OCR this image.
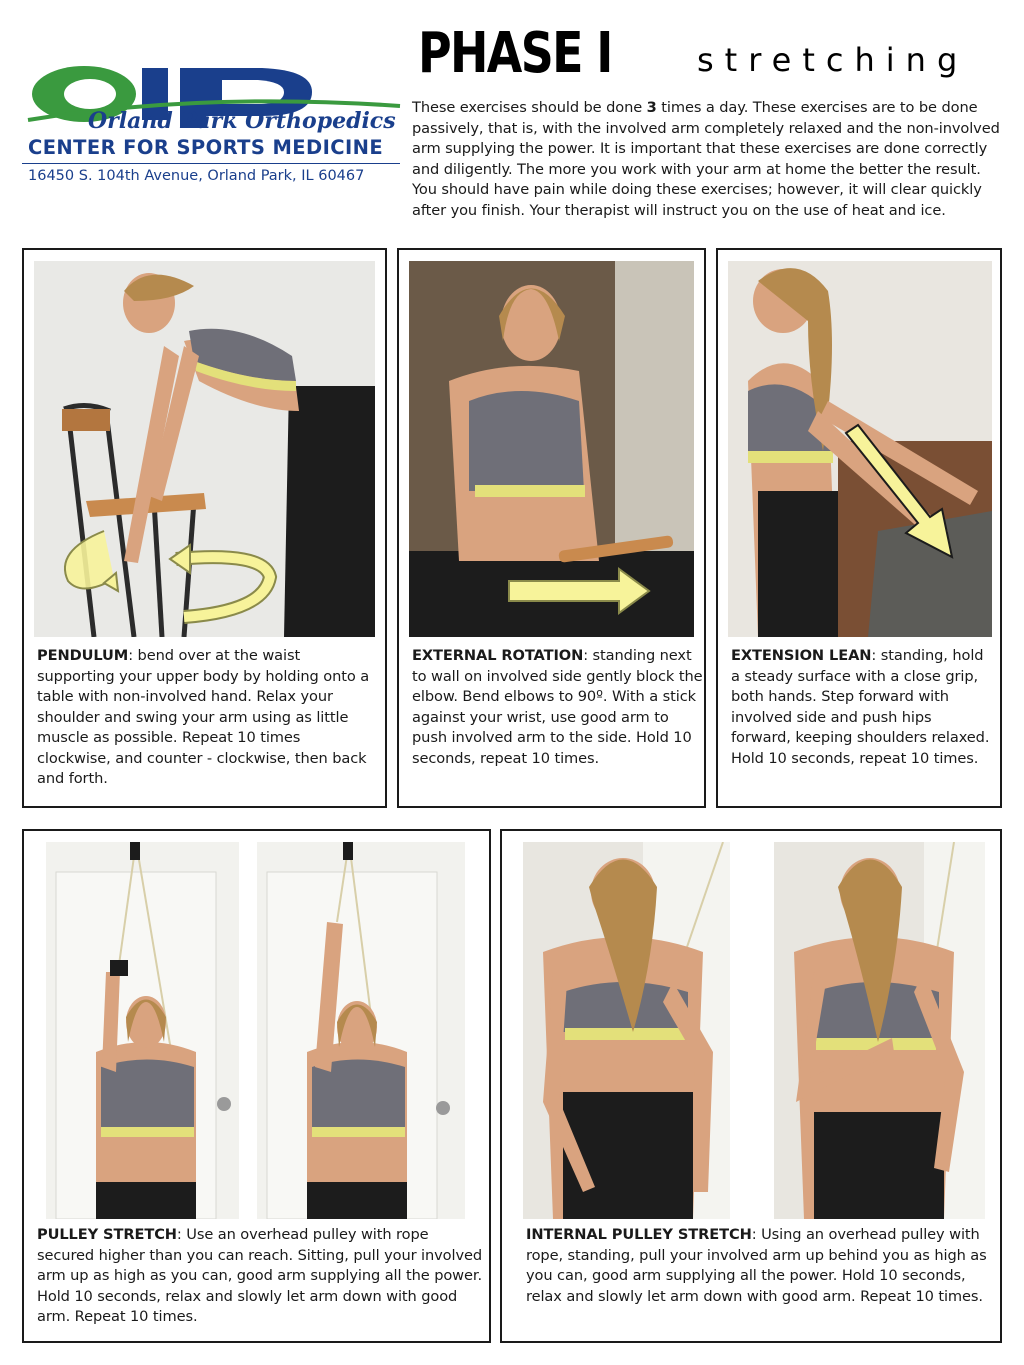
Orland Park Orthopedics
CENTER FOR SPORTS MEDICINE
16450 S. 104th Avenue, Orland Park, IL 60467
PHASE I	stretching
These exercises should be done 3 times a day. These exercises are to be done passively, that is, with the involved arm completely relaxed and the non-involved arm supplying the power. It is important that these exercises are done correctly and diligently. The more you work with your arm at home the better the result. You should have pain while doing these exercises; however, it will clear quickly after you finish. Your therapist will instruct you on the use of heat and ice.
PENDULUM: bend over at the waist supporting your upper body by holding onto a table with non-involved hand. Relax your shoulder and swing your arm using as little muscle as possible. Repeat 10 times clockwise, and counter - clockwise, then back and forth.
EXTERNAL ROTATION: standing next to wall on involved side gently block the elbow. Bend elbows to 90º. With a stick against your wrist, use good arm to push involved arm to the side. Hold 10 seconds, repeat 10 times.
EXTENSION LEAN: standing, hold a steady surface with a close grip, both hands. Step forward with involved side and push hips forward, keeping shoulders relaxed. Hold 10 seconds, repeat 10 times.
PULLEY STRETCH: Use an overhead pulley with rope secured higher than you can reach. Sitting, pull your involved arm up as high as you can, good arm supplying all the power. Hold 10 seconds, relax and slowly let arm down with good arm. Repeat 10 times.
INTERNAL PULLEY STRETCH: Using an overhead pulley with rope, standing, pull your involved arm up behind you as high as you can, good arm supplying all the power. Hold 10 seconds, relax and slowly let arm down with good arm. Repeat 10 times.
